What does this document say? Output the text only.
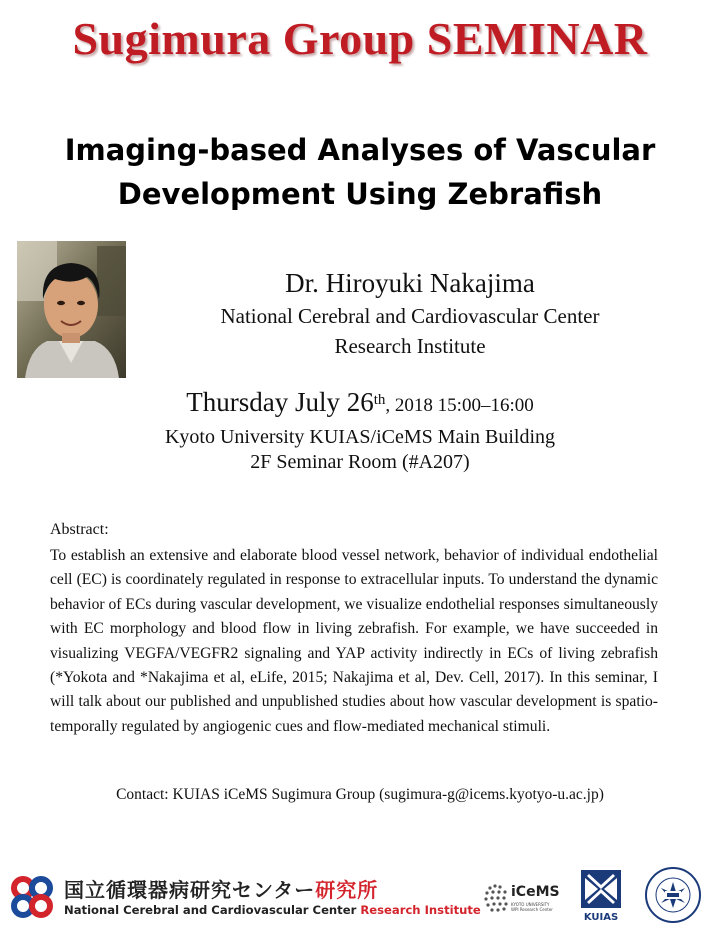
Sugimura Group SEMINAR
Imaging-based Analyses of Vascular
Development Using Zebrafish
Dr. Hiroyuki Nakajima
National Cerebral and Cardiovascular Center
Research Institute
Thursday July 26th, 2018 15:00–16:00
Kyoto University KUIAS/iCeMS Main Building
2F Seminar Room (#A207)
Abstract:
To establish an extensive and elaborate blood vessel network, behavior of individual endothelial cell (EC) is coordinately regulated in response to extracellular inputs. To understand the dynamic behavior of ECs during vascular development, we visualize endothelial responses simultaneously with EC morphology and blood flow in living zebrafish. For example, we have succeeded in visualizing VEGFA/VEGFR2 signaling and YAP activity indirectly in ECs of living zebrafish (*Yokota and *Nakajima et al, eLife, 2015; Nakajima et al, Dev. Cell, 2017). In this seminar, I will talk about our published and unpublished studies about how vascular development is spatio-temporally regulated by angiogenic cues and flow-mediated mechanical stimuli.
Contact: KUIAS iCeMS Sugimura Group (sugimura-g@icems.kyotyo-u.ac.jp)
国立循環器病研究センター研究所
National Cerebral and Cardiovascular Center Research Institute
iCeMS
KYOTO UNIVERSITY WPI Research Center
KUIAS
